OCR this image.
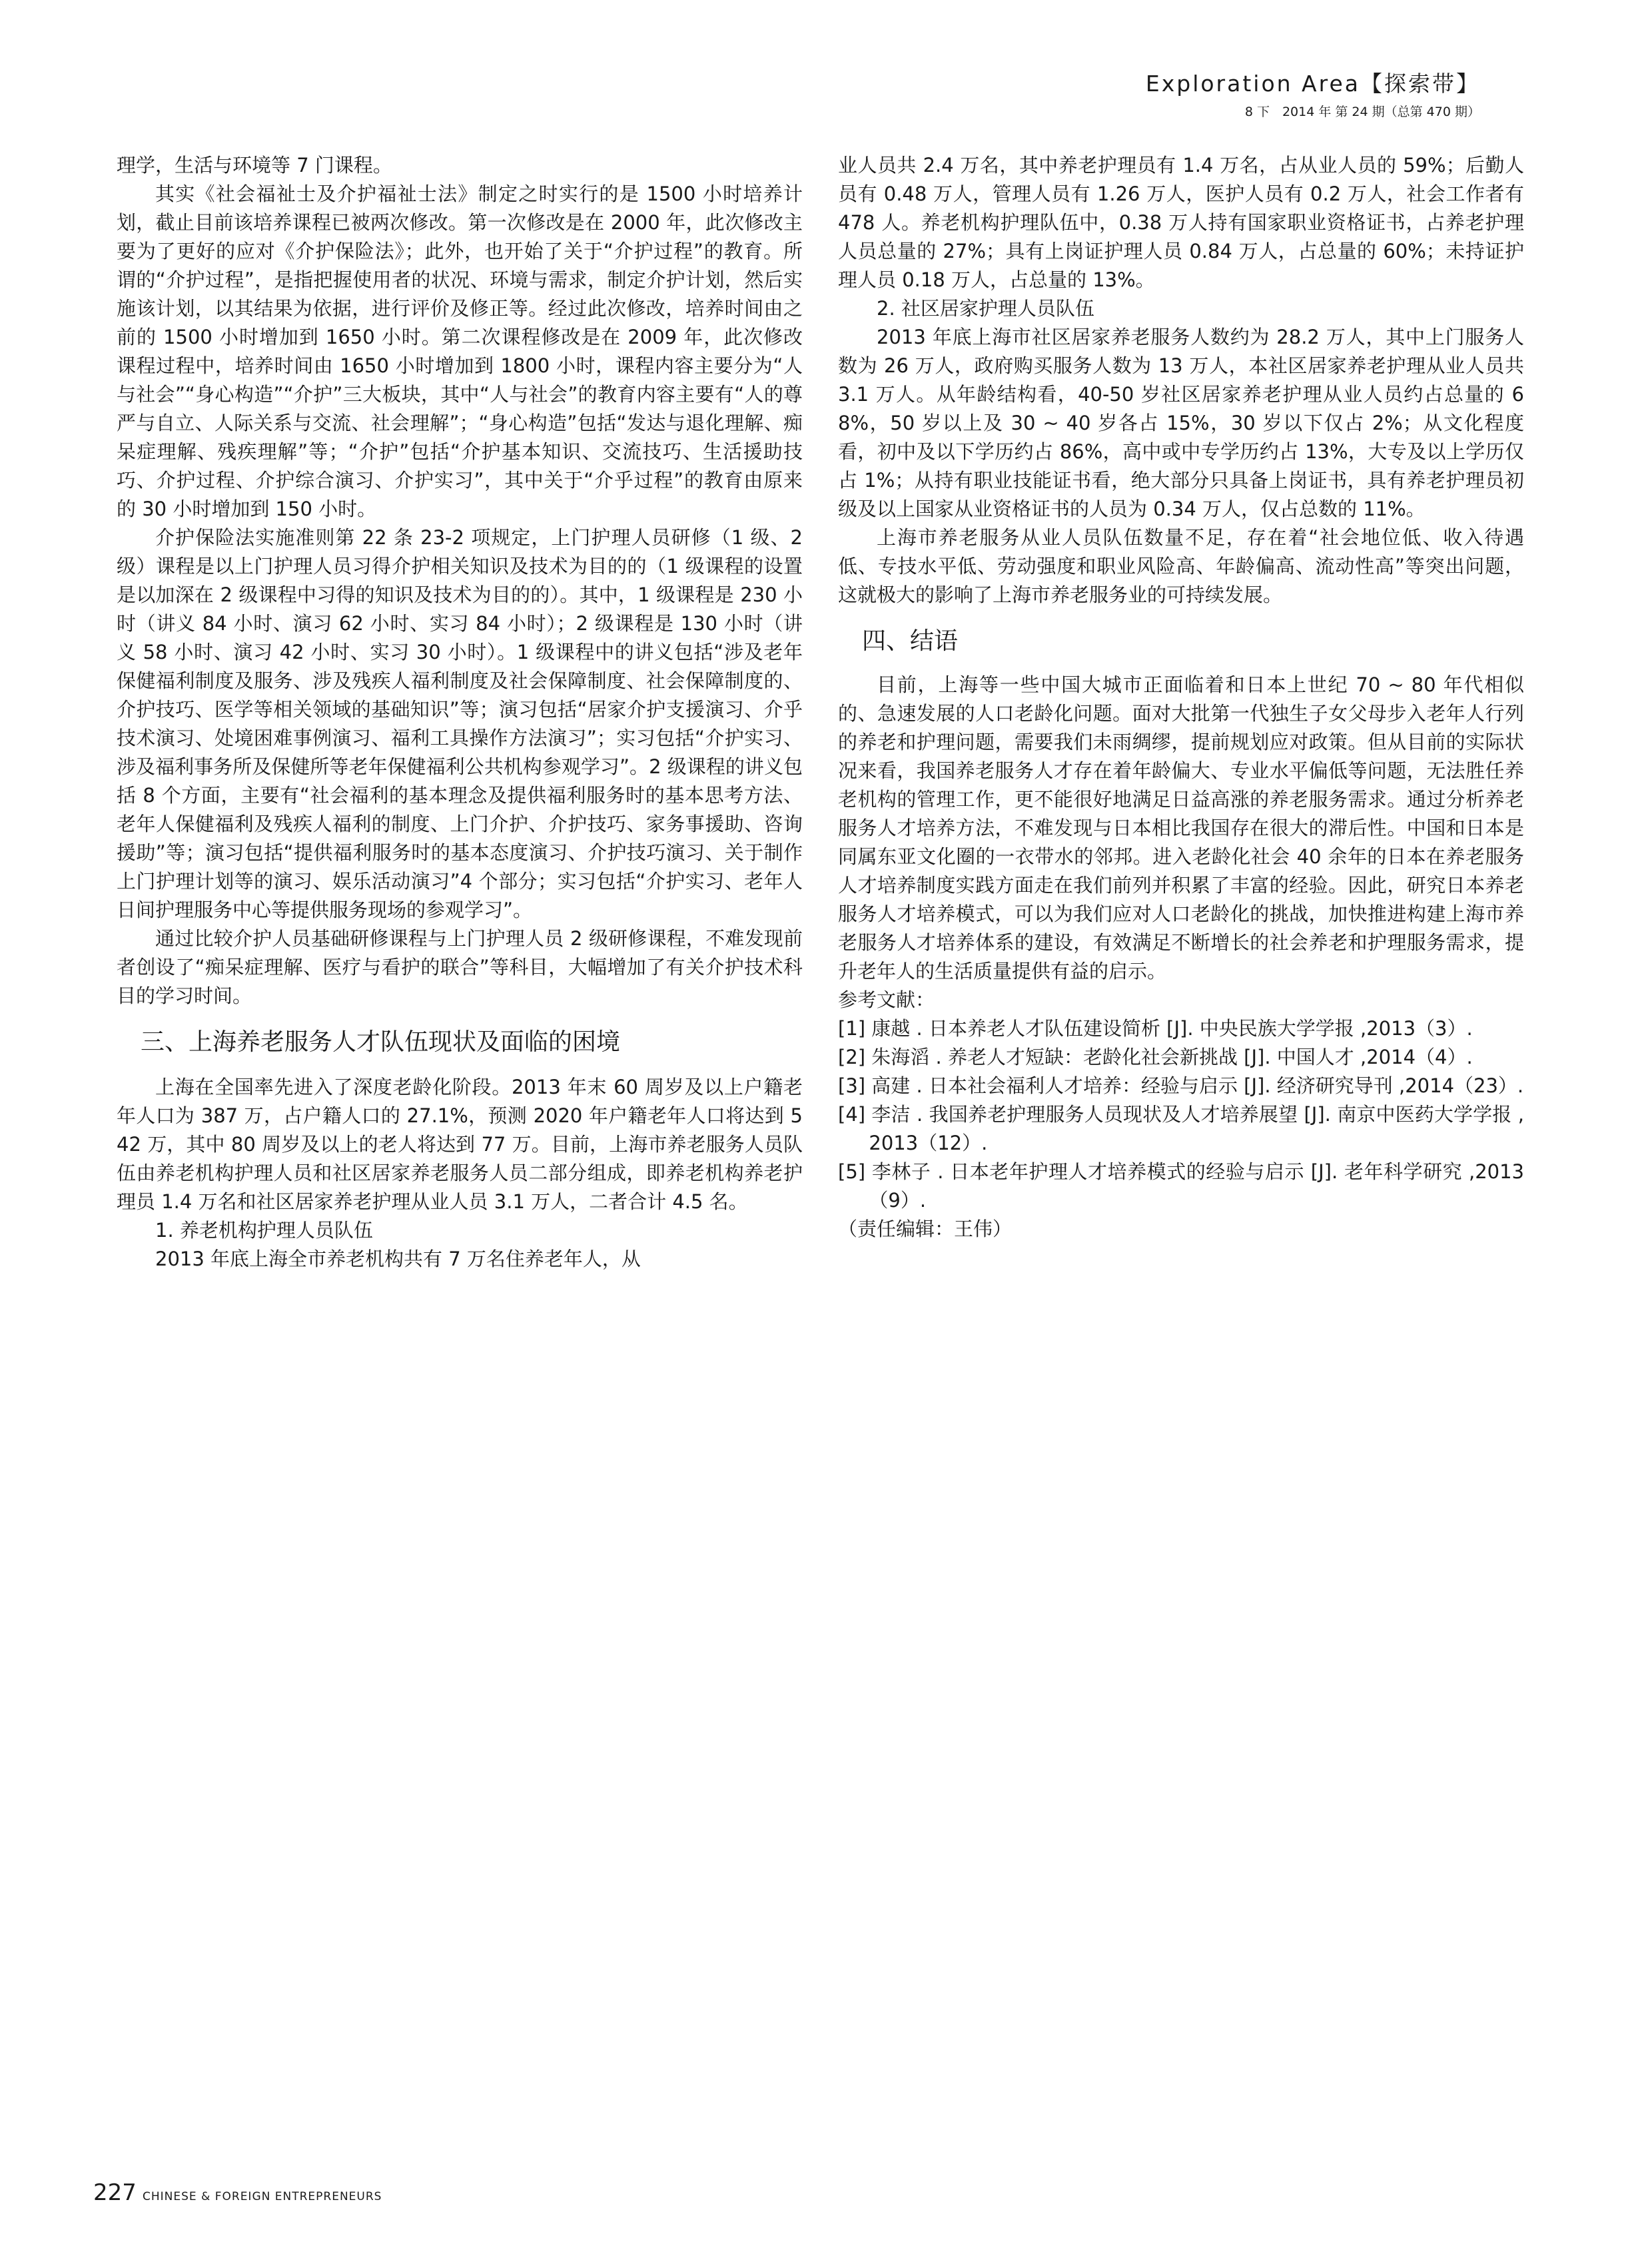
Exploration Area【探索带】
8 下　2014 年 第 24 期（总第 470 期）

理学，生活与环境等 7 门课程。

其实《社会福祉士及介护福祉士法》制定之时实行的是 1500 小时培养计划，截止目前该培养课程已被两次修改。第一次修改是在 2000 年，此次修改主要为了更好的应对《介护保险法》；此外，也开始了关于“介护过程”的教育。所谓的“介护过程”，是指把握使用者的状况、环境与需求，制定介护计划，然后实施该计划，以其结果为依据，进行评价及修正等。经过此次修改，培养时间由之前的 1500 小时增加到 1650 小时。第二次课程修改是在 2009 年，此次修改课程过程中，培养时间由 1650 小时增加到 1800 小时，课程内容主要分为“人与社会”“身心构造”“介护”三大板块，其中“人与社会”的教育内容主要有“人的尊严与自立、人际关系与交流、社会理解”；“身心构造”包括“发达与退化理解、痴呆症理解、残疾理解”等；“介护”包括“介护基本知识、交流技巧、生活援助技巧、介护过程、介护综合演习、介护实习”，其中关于“介乎过程”的教育由原来的 30 小时增加到 150 小时。

介护保险法实施准则第 22 条 23-2 项规定，上门护理人员研修（1 级、2 级）课程是以上门护理人员习得介护相关知识及技术为目的的（1 级课程的设置是以加深在 2 级课程中习得的知识及技术为目的的）。其中，1 级课程是 230 小时（讲义 84 小时、演习 62 小时、实习 84 小时）；2 级课程是 130 小时（讲义 58 小时、演习 42 小时、实习 30 小时）。1 级课程中的讲义包括“涉及老年保健福利制度及服务、涉及残疾人福利制度及社会保障制度、社会保障制度的、介护技巧、医学等相关领域的基础知识”等；演习包括“居家介护支援演习、介乎技术演习、处境困难事例演习、福利工具操作方法演习”；实习包括“介护实习、涉及福利事务所及保健所等老年保健福利公共机构参观学习”。2 级课程的讲义包括 8 个方面，主要有“社会福利的基本理念及提供福利服务时的基本思考方法、老年人保健福利及残疾人福利的制度、上门介护、介护技巧、家务事援助、咨询援助”等；演习包括“提供福利服务时的基本态度演习、介护技巧演习、关于制作上门护理计划等的演习、娱乐活动演习”4 个部分；实习包括“介护实习、老年人日间护理服务中心等提供服务现场的参观学习”。

通过比较介护人员基础研修课程与上门护理人员 2 级研修课程，不难发现前者创设了“痴呆症理解、医疗与看护的联合”等科目，大幅增加了有关介护技术科目的学习时间。

三、上海养老服务人才队伍现状及面临的困境

上海在全国率先进入了深度老龄化阶段。2013 年末 60 周岁及以上户籍老年人口为 387 万，占户籍人口的 27.1%，预测 2020 年户籍老年人口将达到 542 万，其中 80 周岁及以上的老人将达到 77 万。目前，上海市养老服务人员队伍由养老机构护理人员和社区居家养老服务人员二部分组成，即养老机构养老护理员 1.4 万名和社区居家养老护理从业人员 3.1 万人，二者合计 4.5 名。

1. 养老机构护理人员队伍

2013 年底上海全市养老机构共有 7 万名住养老年人，从

业人员共 2.4 万名，其中养老护理员有 1.4 万名，占从业人员的 59%；后勤人员有 0.48 万人，管理人员有 1.26 万人，医护人员有 0.2 万人，社会工作者有 478 人。养老机构护理队伍中，0.38 万人持有国家职业资格证书，占养老护理人员总量的 27%；具有上岗证护理人员 0.84 万人，占总量的 60%；未持证护理人员 0.18 万人，占总量的 13%。

2. 社区居家护理人员队伍

2013 年底上海市社区居家养老服务人数约为 28.2 万人，其中上门服务人数为 26 万人，政府购买服务人数为 13 万人，本社区居家养老护理从业人员共 3.1 万人。从年龄结构看，40-50 岁社区居家养老护理从业人员约占总量的 68%，50 岁以上及 30 ~ 40 岁各占 15%，30 岁以下仅占 2%；从文化程度看，初中及以下学历约占 86%，高中或中专学历约占 13%，大专及以上学历仅占 1%；从持有职业技能证书看，绝大部分只具备上岗证书，具有养老护理员初级及以上国家从业资格证书的人员为 0.34 万人，仅占总数的 11%。

上海市养老服务从业人员队伍数量不足，存在着“社会地位低、收入待遇低、专技水平低、劳动强度和职业风险高、年龄偏高、流动性高”等突出问题，这就极大的影响了上海市养老服务业的可持续发展。

四、结语

目前，上海等一些中国大城市正面临着和日本上世纪 70 ~ 80 年代相似的、急速发展的人口老龄化问题。面对大批第一代独生子女父母步入老年人行列的养老和护理问题，需要我们未雨绸缪，提前规划应对政策。但从目前的实际状况来看，我国养老服务人才存在着年龄偏大、专业水平偏低等问题，无法胜任养老机构的管理工作，更不能很好地满足日益高涨的养老服务需求。通过分析养老服务人才培养方法，不难发现与日本相比我国存在很大的滞后性。中国和日本是同属东亚文化圈的一衣带水的邻邦。进入老龄化社会 40 余年的日本在养老服务人才培养制度实践方面走在我们前列并积累了丰富的经验。因此，研究日本养老服务人才培养模式，可以为我们应对人口老龄化的挑战，加快推进构建上海市养老服务人才培养体系的建设，有效满足不断增长的社会养老和护理服务需求，提升老年人的生活质量提供有益的启示。

参考文献：

[1] 康越 . 日本养老人才队伍建设简析 [J]. 中央民族大学学报 ,2013（3）.

[2] 朱海滔 . 养老人才短缺：老龄化社会新挑战 [J]. 中国人才 ,2014（4）.

[3] 高建 . 日本社会福利人才培养：经验与启示 [J]. 经济研究导刊 ,2014（23）.

[4] 李洁 . 我国养老护理服务人员现状及人才培养展望 [J]. 南京中医药大学学报 ,2013（12）.

[5] 李林子 . 日本老年护理人才培养模式的经验与启示 [J]. 老年科学研究 ,2013（9）.

（责任编辑：王伟）

227 CHINESE & FOREIGN ENTREPRENEURS
